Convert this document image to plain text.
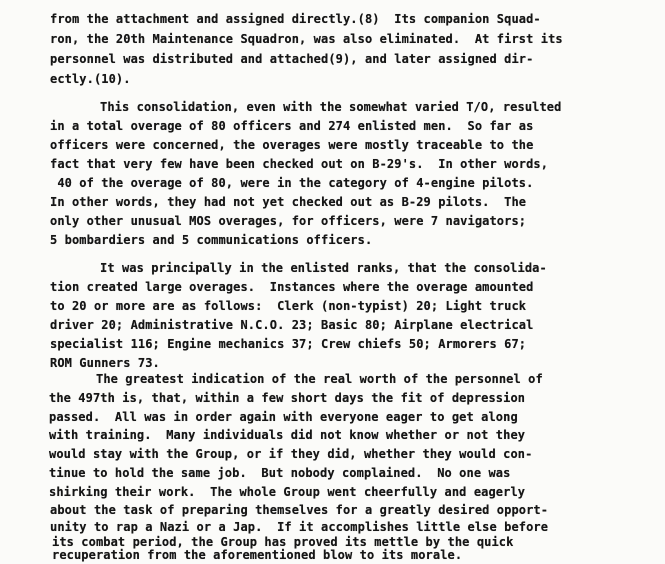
from the attachment and assigned directly.(8)  Its companion Squad-
ron, the 20th Maintenance Squadron, was also eliminated.  At first its
personnel was distributed and attached(9), and later assigned dir-
ectly.(10).
This consolidation, even with the somewhat varied T/O, resulted
in a total overage of 80 officers and 274 enlisted men.  So far as
officers were concerned, the overages were mostly traceable to the
fact that very few have been checked out on B-29's.  In other words,
40 of the overage of 80, were in the category of 4-engine pilots.
In other words, they had not yet checked out as B-29 pilots.  The
only other unusual MOS overages, for officers, were 7 navigators;
5 bombardiers and 5 communications officers.
It was principally in the enlisted ranks, that the consolida-
tion created large overages.  Instances where the overage amounted
to 20 or more are as follows:  Clerk (non-typist) 20; Light truck
driver 20; Administrative N.C.O. 23; Basic 80; Airplane electrical
specialist 116; Engine mechanics 37; Crew chiefs 50; Armorers 67;
ROM Gunners 73.
The greatest indication of the real worth of the personnel of
the 497th is, that, within a few short days the fit of depression
passed.  All was in order again with everyone eager to get along
with training.  Many individuals did not know whether or not they
would stay with the Group, or if they did, whether they would con-
tinue to hold the same job.  But nobody complained.  No one was
shirking their work.  The whole Group went cheerfully and eagerly
about the task of preparing themselves for a greatly desired opport-
unity to rap a Nazi or a Jap.  If it accomplishes little else before
its combat period, the Group has proved its mettle by the quick
recuperation from the aforementioned blow to its morale.
